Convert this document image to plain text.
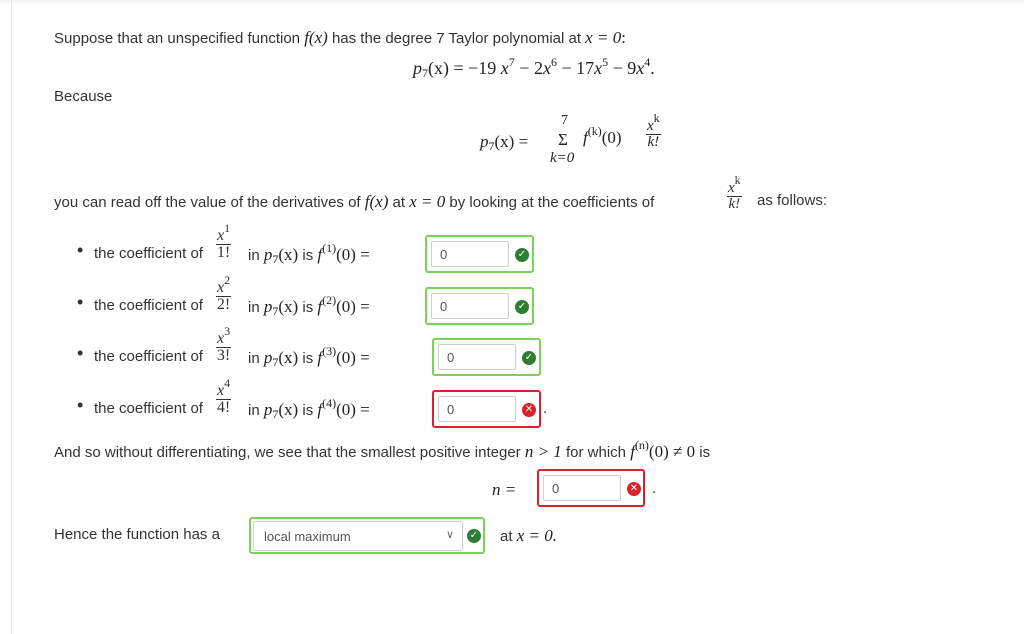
Suppose that an unspecified function f(x) has the degree 7 Taylor polynomial at x = 0:
$p_7(x) = -19$ $x^7 - 2x^6 - 17x^5 - 9x^4$.
Because
$p_7(x)$ =
7
Σ
k=0
$f^{(k)}(0) \frac{x^k}{k!}$
you can read off the value of the derivatives of f(x) at x = 0 by looking at the coefficients of	$\frac{x^k}{k!}$ as follows:
• the coefficient of $\frac{x^1}{1!}$ in $p_7(x)$ is $f^{(1)}(0)$ =
0	✓
• the coefficient of $\frac{x^2}{2!}$ in $p_7(x)$ is $f^{(2)}(0)$ =
0	✓
• the coefficient of $\frac{x^3}{3!}$ in $p_7(x)$ is $f^{(3)}(0)$ =
0	✓
• the coefficient of $\frac{x^4}{4!}$ in $p_7(x)$ is $f^{(4)}(0)$ =
0	✕ .
And so without differentiating, we see that the smallest positive integer n > 1 for which $f^{(n)}(0) \ne 0$ is
n =
0	✕ .
Hence the function has a	local maximum	∨ ✓ at x = 0.
